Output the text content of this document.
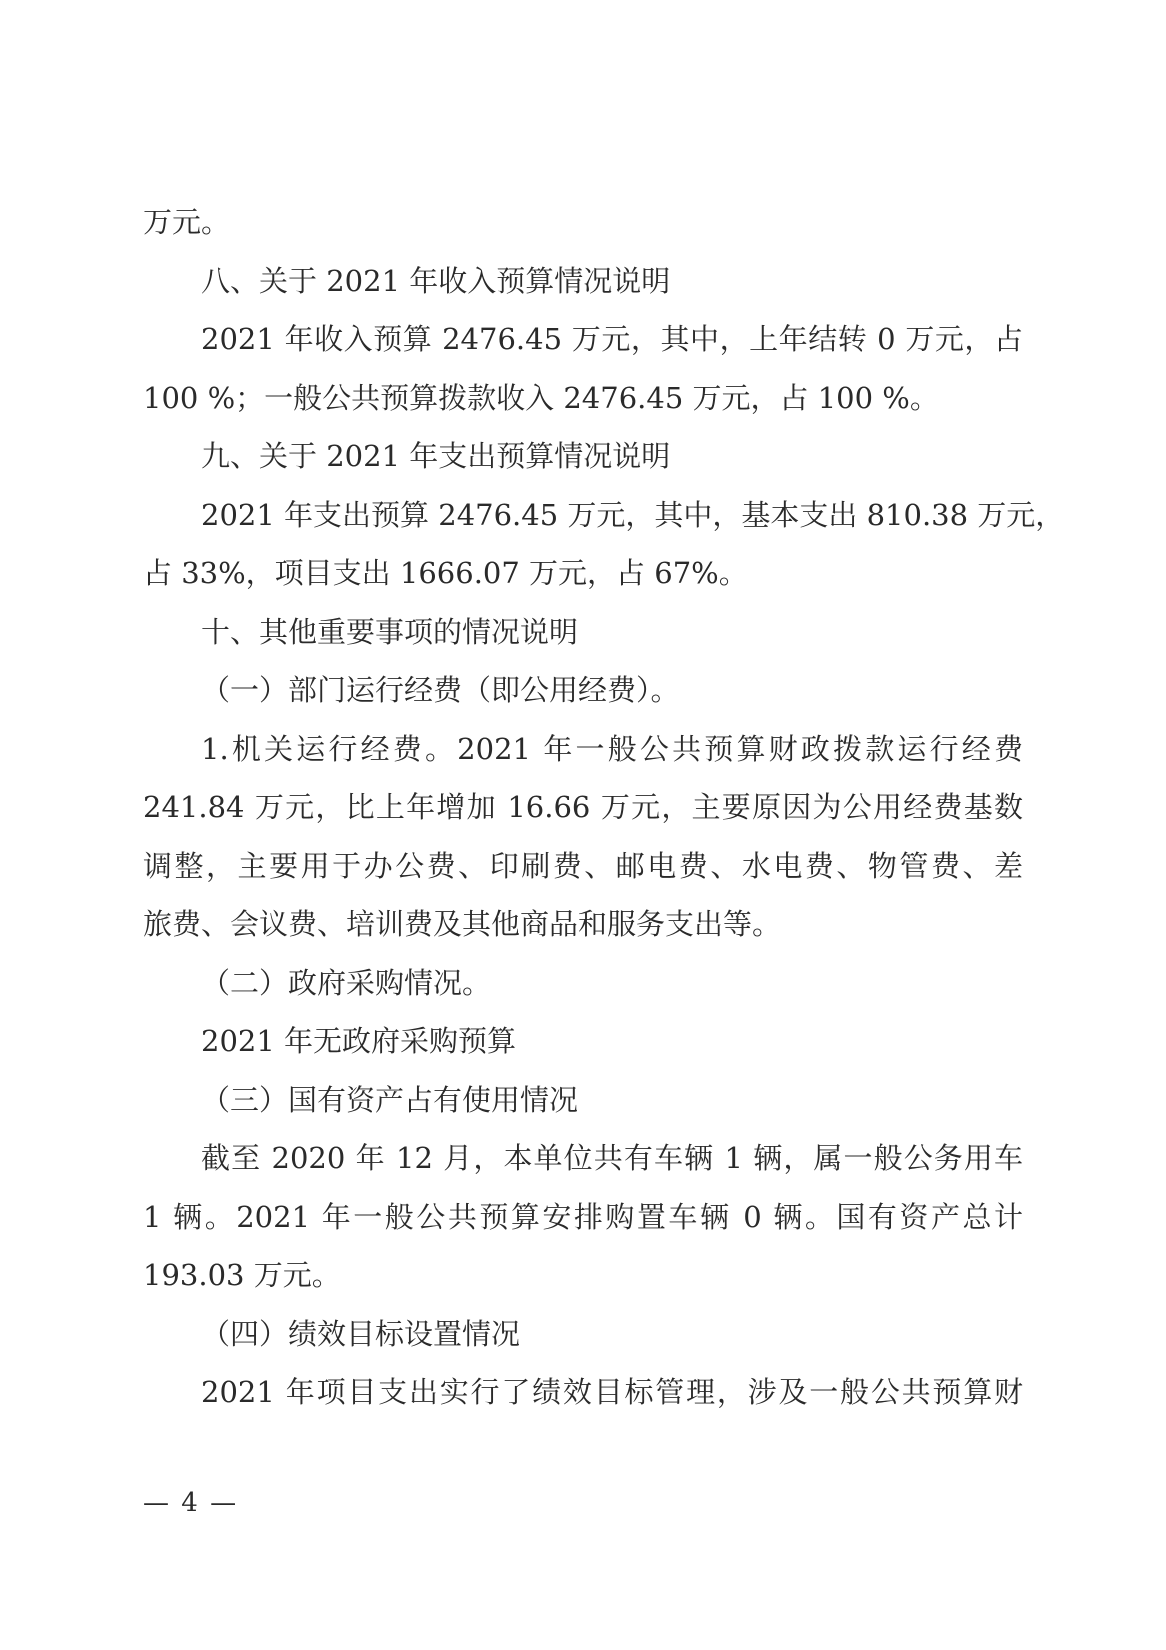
万元。
八、关于 2021 年收入预算情况说明
2021 年收入预算 2476.45 万元，其中，上年结转 0 万元，占
100 %；一般公共预算拨款收入 2476.45 万元，占 100 %。
九、关于 2021 年支出预算情况说明
2021 年支出预算 2476.45 万元，其中，基本支出 810.38 万元，
占 33%，项目支出 1666.07 万元，占 67%。
十、其他重要事项的情况说明
（一）部门运行经费（即公用经费）。
1.机关运行经费。2021 年一般公共预算财政拨款运行经费
241.84 万元，比上年增加 16.66 万元，主要原因为公用经费基数
调整，主要用于办公费、印刷费、邮电费、水电费、物管费、差
旅费、会议费、培训费及其他商品和服务支出等。
（二）政府采购情况。
2021 年无政府采购预算
（三）国有资产占有使用情况
截至 2020 年 12 月，本单位共有车辆 1 辆，属一般公务用车
1 辆。2021 年一般公共预算安排购置车辆 0 辆。国有资产总计
193.03 万元。
（四）绩效目标设置情况
2021 年项目支出实行了绩效目标管理，涉及一般公共预算财
— 4 —
